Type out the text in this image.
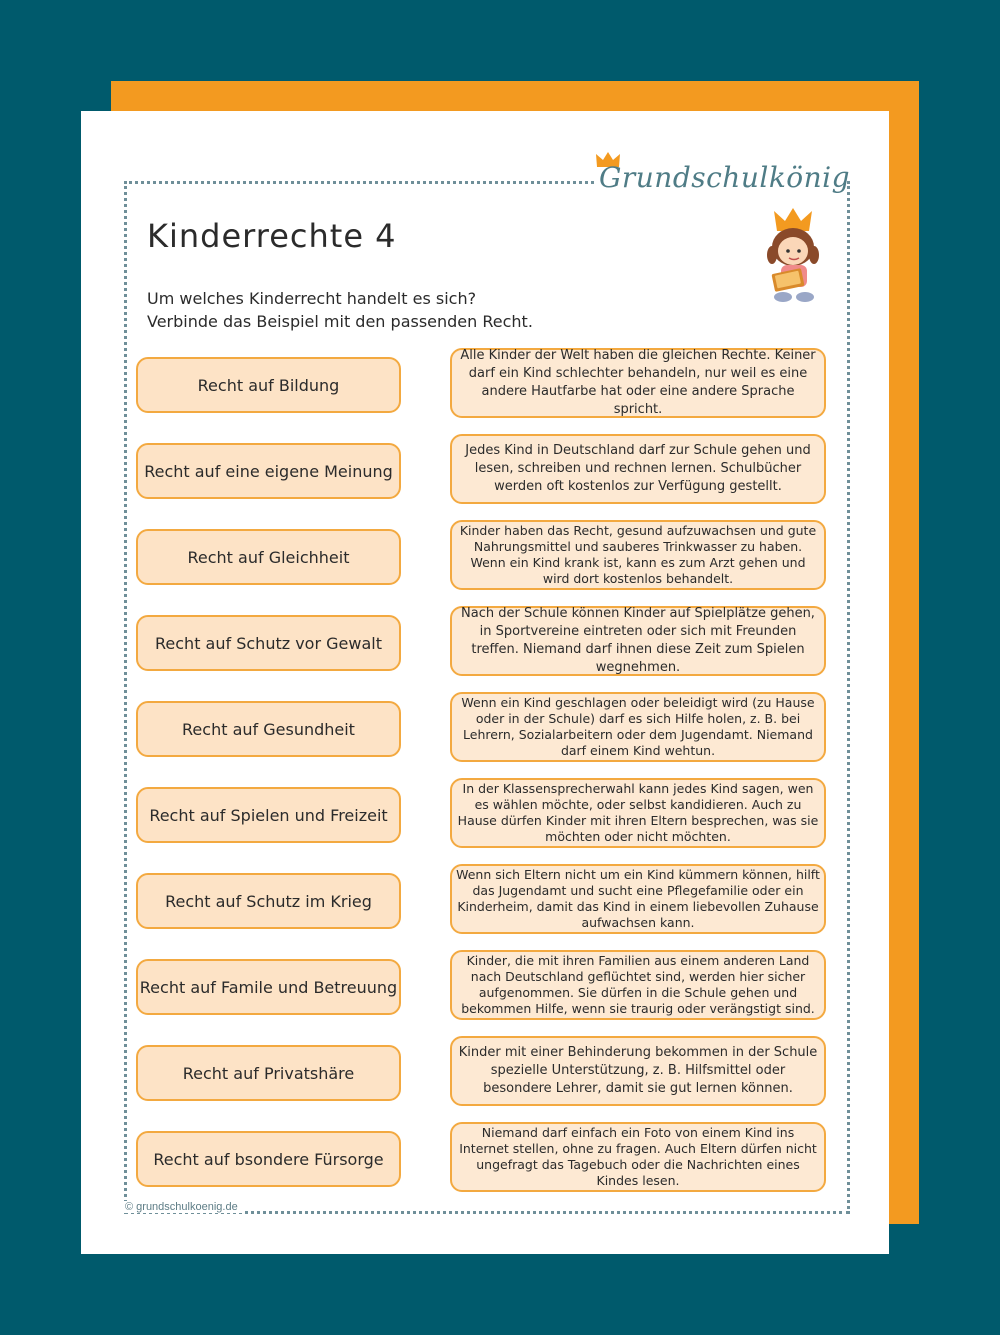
Grundschulkönig
Kinderrechte 4
Um welches Kinderrecht handelt es sich?
Verbinde das Beispiel mit den passenden Recht.
Recht auf Bildung
Recht auf eine eigene Meinung
Recht auf Gleichheit
Recht auf Schutz vor Gewalt
Recht auf Gesundheit
Recht auf Spielen und Freizeit
Recht auf Schutz im Krieg
Recht auf Famile und Betreuung
Recht auf Privatshäre
Recht auf bsondere Fürsorge
Alle Kinder der Welt haben die gleichen Rechte. Keiner darf ein Kind schlechter behandeln, nur weil es eine andere Hautfarbe hat oder eine andere Sprache spricht.
Jedes Kind in Deutschland darf zur Schule gehen und lesen, schreiben und rechnen lernen. Schulbücher werden oft kostenlos zur Verfügung gestellt.
Kinder haben das Recht, gesund aufzuwachsen und gute Nahrungsmittel und sauberes Trinkwasser zu haben. Wenn ein Kind krank ist, kann es zum Arzt gehen und wird dort kostenlos behandelt.
Nach der Schule können Kinder auf Spielplätze gehen, in Sportvereine eintreten oder sich mit Freunden treffen. Niemand darf ihnen diese Zeit zum Spielen wegnehmen.
Wenn ein Kind geschlagen oder beleidigt wird (zu Hause oder in der Schule) darf es sich Hilfe holen, z. B. bei Lehrern, Sozialarbeitern oder dem Jugendamt. Niemand darf einem Kind wehtun.
In der Klassensprecherwahl kann jedes Kind sagen, wen es wählen möchte, oder selbst kandidieren. Auch zu Hause dürfen Kinder mit ihren Eltern besprechen, was sie möchten oder nicht möchten.
Wenn sich Eltern nicht um ein Kind kümmern können, hilft das Jugendamt und sucht eine Pflegefamilie oder ein Kinderheim, damit das Kind in einem liebevollen Zuhause aufwachsen kann.
Kinder, die mit ihren Familien aus einem anderen Land nach Deutschland geflüchtet sind, werden hier sicher aufgenommen. Sie dürfen in die Schule gehen und bekommen Hilfe, wenn sie traurig oder verängstigt sind.
Kinder mit einer Behinderung bekommen in der Schule spezielle Unterstützung, z. B. Hilfsmittel oder besondere Lehrer, damit sie gut lernen können.
Niemand darf einfach ein Foto von einem Kind ins Internet stellen, ohne zu fragen. Auch Eltern dürfen nicht ungefragt das Tagebuch oder die Nachrichten eines Kindes lesen.
© grundschulkoenig.de
